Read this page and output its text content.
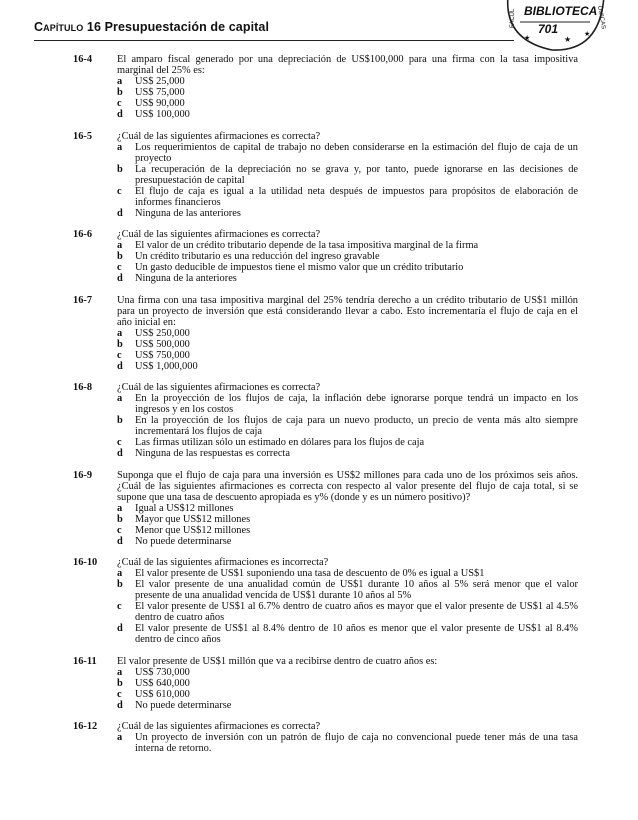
Capítulo 16 Presupuestación de capital
BIBLIOTECA
701
FACUL	ÓMICAS
★
★
★
16-4 El amparo fiscal generado por una depreciación de US$100,000 para una firma con la tasa impositiva marginal del 25% es:
a US$ 25,000
b US$ 75,000
c US$ 90,000
d US$ 100,000
16-5 ¿Cuál de las siguientes afirmaciones es correcta?
a Los requerimientos de capital de trabajo no deben considerarse en la estimación del flujo de caja de un proyecto
b La recuperación de la depreciación no se grava y, por tanto, puede ignorarse en las decisiones de presupuestación de capital
c El flujo de caja es igual a la utilidad neta después de impuestos para propósitos de elaboración de informes financieros
d Ninguna de las anteriores
16-6 ¿Cuál de las siguientes afirmaciones es correcta?
a El valor de un crédito tributario depende de la tasa impositiva marginal de la firma
b Un crédito tributario es una reducción del ingreso gravable
c Un gasto deducible de impuestos tiene el mismo valor que un crédito tributario
d Ninguna de la anteriores
16-7 Una firma con una tasa impositiva marginal del 25% tendría derecho a un crédito tributario de US$1 millón para un proyecto de inversión que está considerando llevar a cabo. Esto incrementaría el flujo de caja en el año inicial en:
a US$ 250,000
b US$ 500,000
c US$ 750,000
d US$ 1,000,000
16-8 ¿Cuál de las siguientes afirmaciones es correcta?
a En la proyección de los flujos de caja, la inflación debe ignorarse porque tendrá un impacto en los ingresos y en los costos
b En la proyección de los flujos de caja para un nuevo producto, un precio de venta más alto siempre incrementará los flujos de caja
c Las firmas utilizan sólo un estimado en dólares para los flujos de caja
d Ninguna de las respuestas es correcta
16-9 Suponga que el flujo de caja para una inversión es US$2 millones para cada uno de los próximos seis años. ¿Cuál de las siguientes afirmaciones es correcta con respecto al valor presente del flujo de caja total, si se supone que una tasa de descuento apropiada es y% (donde y es un número positivo)?
a Igual a US$12 millones
b Mayor que US$12 millones
c Menor que US$12 millones
d No puede determinarse
16-10 ¿Cuál de las siguientes afirmaciones es incorrecta?
a El valor presente de US$1 suponiendo una tasa de descuento de 0% es igual a US$1
b El valor presente de una anualidad común de US$1 durante 10 años al 5% será menor que el valor presente de una anualidad vencida de US$1 durante 10 años al 5%
c El valor presente de US$1 al 6.7% dentro de cuatro años es mayor que el valor presente de US$1 al 4.5% dentro de cuatro años
d El valor presente de US$1 al 8.4% dentro de 10 años es menor que el valor presente de US$1 al 8.4% dentro de cinco años
16-11 El valor presente de US$1 millón que va a recibirse dentro de cuatro años es:
a US$ 730,000
b US$ 640,000
c US$ 610,000
d No puede determinarse
16-12 ¿Cuál de las siguientes afirmaciones es correcta?
a Un proyecto de inversión con un patrón de flujo de caja no convencional puede tener más de una tasa interna de retorno.
